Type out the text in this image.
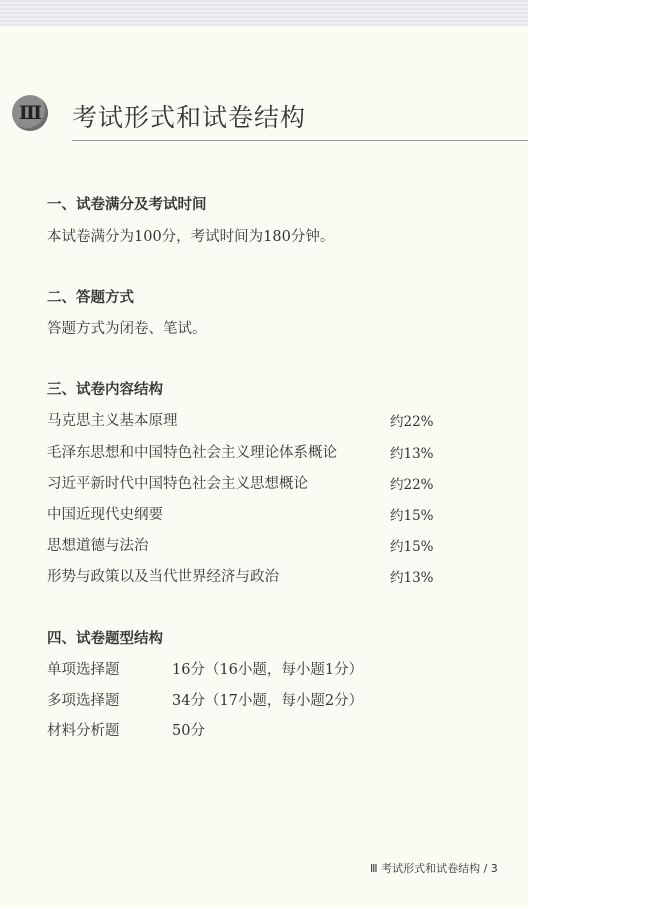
Ⅲ 考试形式和试卷结构
一、试卷满分及考试时间
本试卷满分为100分，考试时间为180分钟。
二、答题方式
答题方式为闭卷、笔试。
三、试卷内容结构
马克思主义基本原理	约22%
毛泽东思想和中国特色社会主义理论体系概论	约13%
习近平新时代中国特色社会主义思想概论	约22%
中国近现代史纲要	约15%
思想道德与法治	约15%
形势与政策以及当代世界经济与政治	约13%
四、试卷题型结构
单项选择题	16分（16小题，每小题1分）
多项选择题	34分（17小题，每小题2分）
材料分析题	50分
Ⅲ 考试形式和试卷结构 / 3
